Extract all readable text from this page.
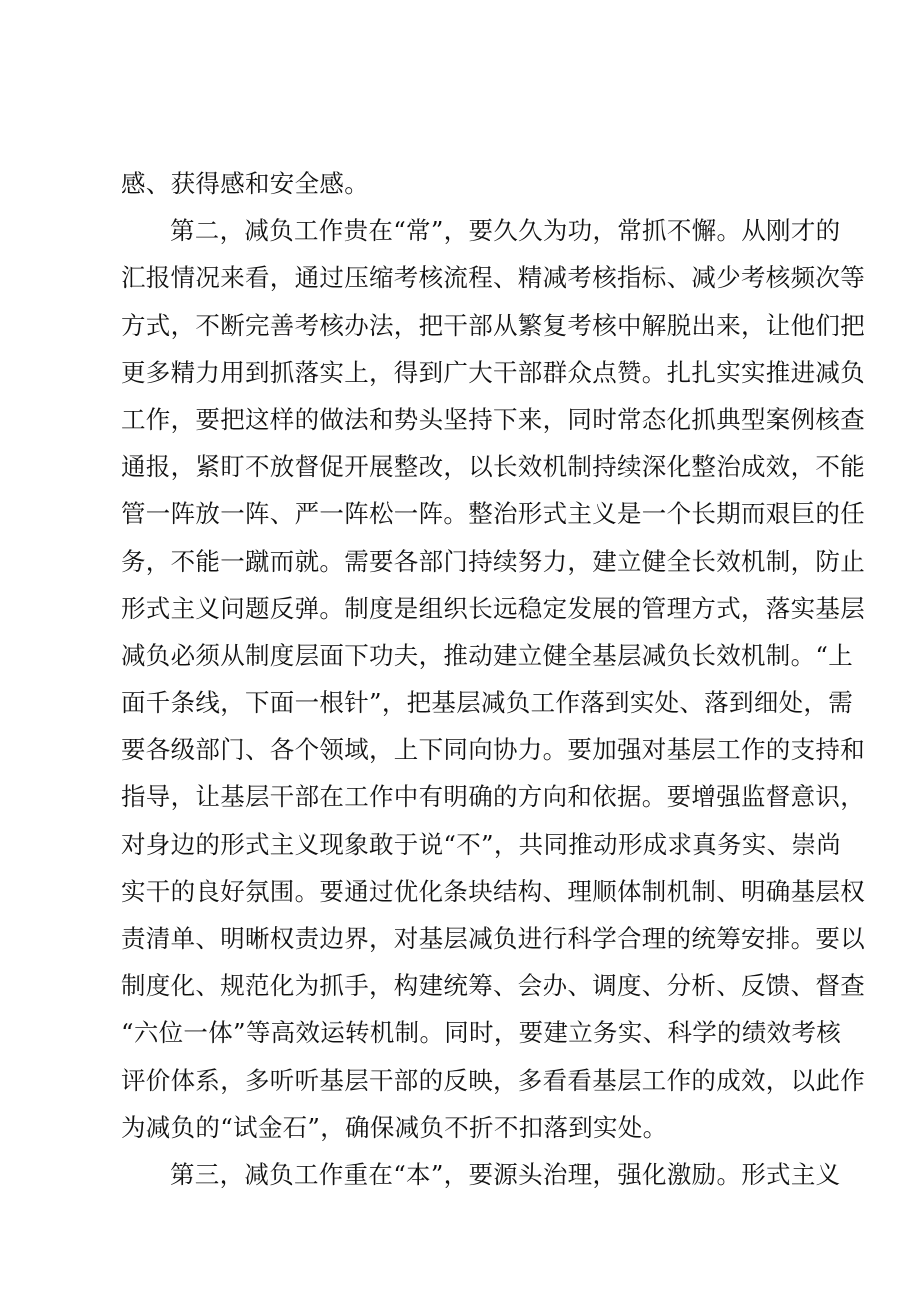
感、获得感和安全感。
第二，减负工作贵在“常”，要久久为功，常抓不懈。从刚才的
汇报情况来看，通过压缩考核流程、精减考核指标、减少考核频次等
方式，不断完善考核办法，把干部从繁复考核中解脱出来，让他们把
更多精力用到抓落实上，得到广大干部群众点赞。扎扎实实推进减负
工作，要把这样的做法和势头坚持下来，同时常态化抓典型案例核查
通报，紧盯不放督促开展整改，以长效机制持续深化整治成效，不能
管一阵放一阵、严一阵松一阵。整治形式主义是一个长期而艰巨的任
务，不能一蹴而就。需要各部门持续努力，建立健全长效机制，防止
形式主义问题反弹。制度是组织长远稳定发展的管理方式，落实基层
减负必须从制度层面下功夫，推动建立健全基层减负长效机制。“上
面千条线，下面一根针”，把基层减负工作落到实处、落到细处，需
要各级部门、各个领域，上下同向协力。要加强对基层工作的支持和
指导，让基层干部在工作中有明确的方向和依据。要增强监督意识，
对身边的形式主义现象敢于说“不”，共同推动形成求真务实、崇尚
实干的良好氛围。要通过优化条块结构、理顺体制机制、明确基层权
责清单、明晰权责边界，对基层减负进行科学合理的统筹安排。要以
制度化、规范化为抓手，构建统筹、会办、调度、分析、反馈、督查
“六位一体”等高效运转机制。同时，要建立务实、科学的绩效考核
评价体系，多听听基层干部的反映，多看看基层工作的成效，以此作
为减负的“试金石”，确保减负不折不扣落到实处。
第三，减负工作重在“本”，要源头治理，强化激励。形式主义
